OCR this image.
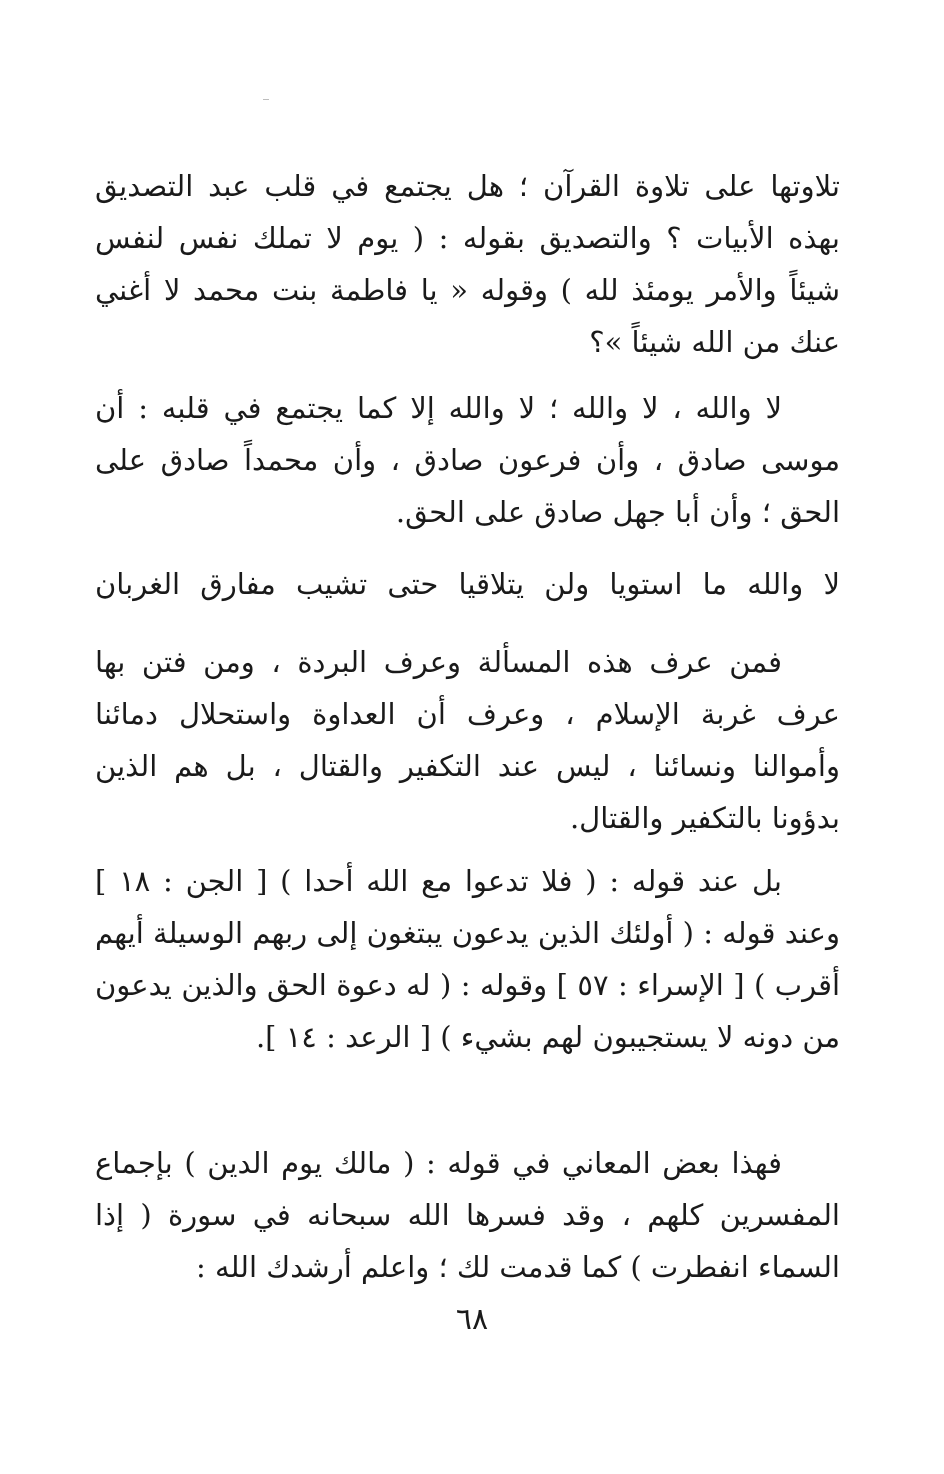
تلاوتها على تلاوة القرآن ؛ هل يجتمع في قلب عبد التصديق بهذه الأبيات ؟ والتصديق بقوله : ( يوم لا تملك نفس لنفس شيئاً والأمر يومئذ لله ) وقوله « يا فاطمة بنت محمد لا أغني عنك من الله شيئاً »؟

لا والله ، لا والله ؛ لا والله إلا كما يجتمع في قلبه : أن موسى صادق ، وأن فرعون صادق ، وأن محمداً صادق على الحق ؛ وأن أبا جهل صادق على الحق.

لا والله ما استويا ولن يتلاقيا حتى تشيب مفارق الغربان

فمن عرف هذه المسألة وعرف البردة ، ومن فتن بها عرف غربة الإسلام ، وعرف أن العداوة واستحلال دمائنا وأموالنا ونسائنا ، ليس عند التكفير والقتال ، بل هم الذين بدؤونا بالتكفير والقتال.

بل عند قوله : ( فلا تدعوا مع الله أحدا ) [ الجن : ١٨ ] وعند قوله : ( أولئك الذين يدعون يبتغون إلى ربهم الوسيلة أيهم أقرب ) [ الإسراء : ٥٧ ] وقوله : ( له دعوة الحق والذين يدعون من دونه لا يستجيبون لهم بشيء ) [ الرعد : ١٤ ].

فهذا بعض المعاني في قوله : ( مالك يوم الدين ) بإجماع المفسرين كلهم ، وقد فسرها الله سبحانه في سورة ( إذا السماء انفطرت ) كما قدمت لك ؛ واعلم أرشدك الله :

٦٨
